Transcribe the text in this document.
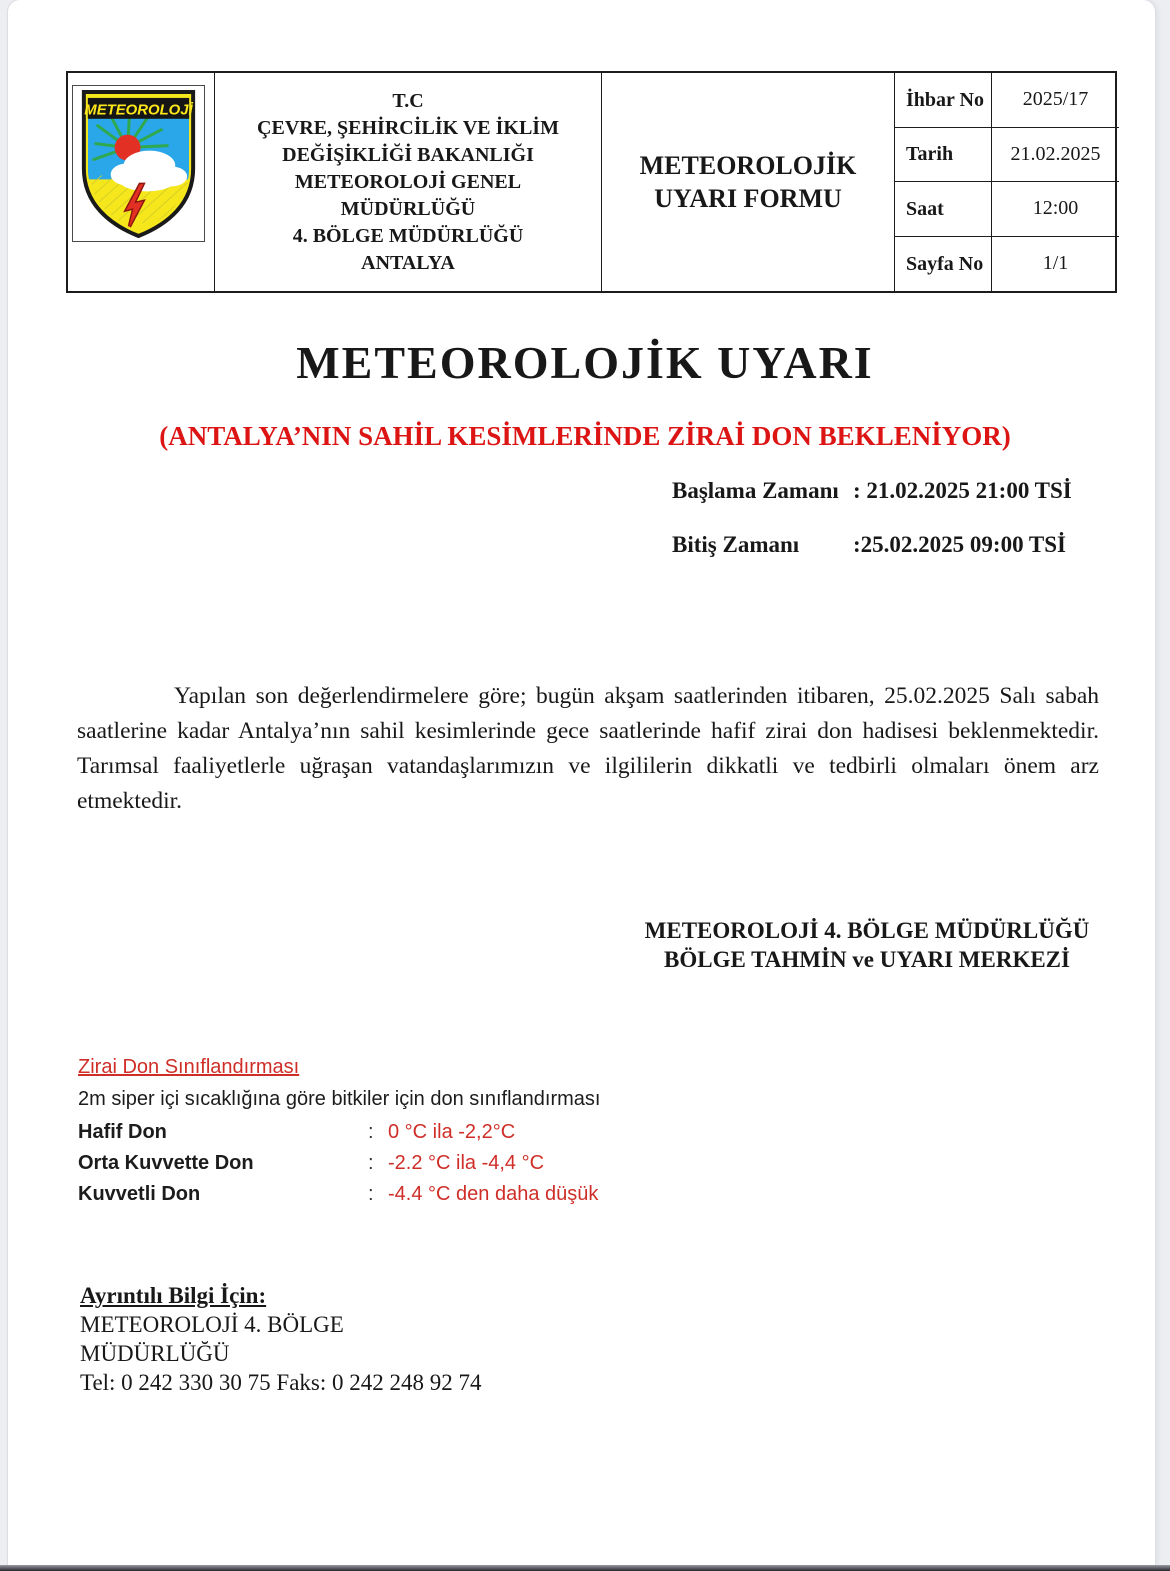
METEOROLOJİ	T.C
ÇEVRE, ŞEHİRCİLİK VE İKLİM
DEĞİŞİKLİĞİ BAKANLIĞI
METEOROLOJİ GENEL
MÜDÜRLÜĞÜ
4. BÖLGE MÜDÜRLÜĞÜ
ANTALYA
METEOROLOJİK
UYARI FORMU
İhbar No	2025/17
Tarih	21.02.2025
Saat	12:00
Sayfa No	1/1
METEOROLOJİK UYARI
(ANTALYA’NIN SAHİL KESİMLERİNDE ZİRAİ DON BEKLENİYOR)
Başlama Zamanı : 21.02.2025 21:00 TSİ
Bitiş Zamanı	:25.02.2025 09:00 TSİ

Yapılan son değerlendirmelere göre; bugün akşam saatlerinden itibaren, 25.02.2025 Salı sabah saatlerine kadar Antalya’nın sahil kesimlerinde gece saatlerinde hafif zirai don hadisesi beklenmektedir. Tarımsal faaliyetlerle uğraşan vatandaşlarımızın ve ilgililerin dikkatli ve tedbirli olmaları önem arz etmektedir.

METEOROLOJİ 4. BÖLGE MÜDÜRLÜĞÜ
BÖLGE TAHMİN ve UYARI MERKEZİ
Zirai Don Sınıflandırması
2m siper içi sıcaklığına göre bitkiler için don sınıflandırması
Hafif Don	: 0 °C ila -2,2°C
Orta Kuvvette Don	: -2.2 °C ila -4,4 °C
Kuvvetli Don	: -4.4 °C den daha düşük
Ayrıntılı Bilgi İçin:
METEOROLOJİ 4. BÖLGE
MÜDÜRLÜĞÜ
Tel: 0 242 330 30 75 Faks: 0 242 248 92 74
